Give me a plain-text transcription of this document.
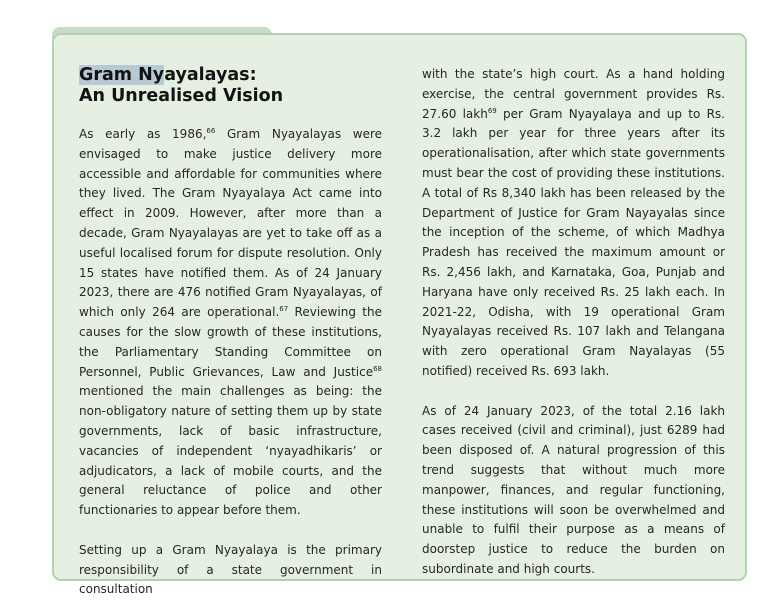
Gram Nyayalayas:
An Unrealised Vision

As early as 1986,66 Gram Nyayalayas were envisaged to make justice delivery more accessible and affordable for communities where they lived. The Gram Nyayalaya Act came into effect in 2009. However, after more than a decade, Gram Nyayalayas are yet to take off as a useful localised forum for dispute resolution. Only 15 states have notified them. As of 24 January 2023, there are 476 notified Gram Nyayalayas, of which only 264 are operational.$^{67}$ Reviewing the causes for the slow growth of these institutions, the Parliamentary Standing Committee on Personnel, Public Grievances, Law and Justice$^{68}$ mentioned the main challenges as being: the non-obligatory nature of setting them up by state governments, lack of basic infrastructure, vacancies of independent ‘nyayadhikaris’ or adjudicators, a lack of mobile courts, and the general reluctance of police and other functionaries to appear before them.

Setting up a Gram Nyayalaya is the primary responsibility of a state government in consultation

with the state’s high court. As a hand holding exercise, the central government provides Rs. 27.60 lakh$^{69}$ per Gram Nyayalaya and up to Rs. 3.2 lakh per year for three years after its operationalisation, after which state governments must bear the cost of providing these institutions. A total of Rs 8,340 lakh has been released by the Department of Justice for Gram Nayayalas since the inception of the scheme, of which Madhya Pradesh has received the maximum amount or Rs. 2,456 lakh, and Karnataka, Goa, Punjab and Haryana have only received Rs. 25 lakh each. In 2021-22, Odisha, with 19 operational Gram Nyayalayas received Rs. 107 lakh and Telangana with zero operational Gram Nayalayas (55 notified) received Rs. 693 lakh.

As of 24 January 2023, of the total 2.16 lakh cases received (civil and criminal), just 6289 had been disposed of. A natural progression of this trend suggests that without much more manpower, finances, and regular functioning, these institutions will soon be overwhelmed and unable to fulfil their purpose as a means of doorstep justice to reduce the burden on subordinate and high courts.
